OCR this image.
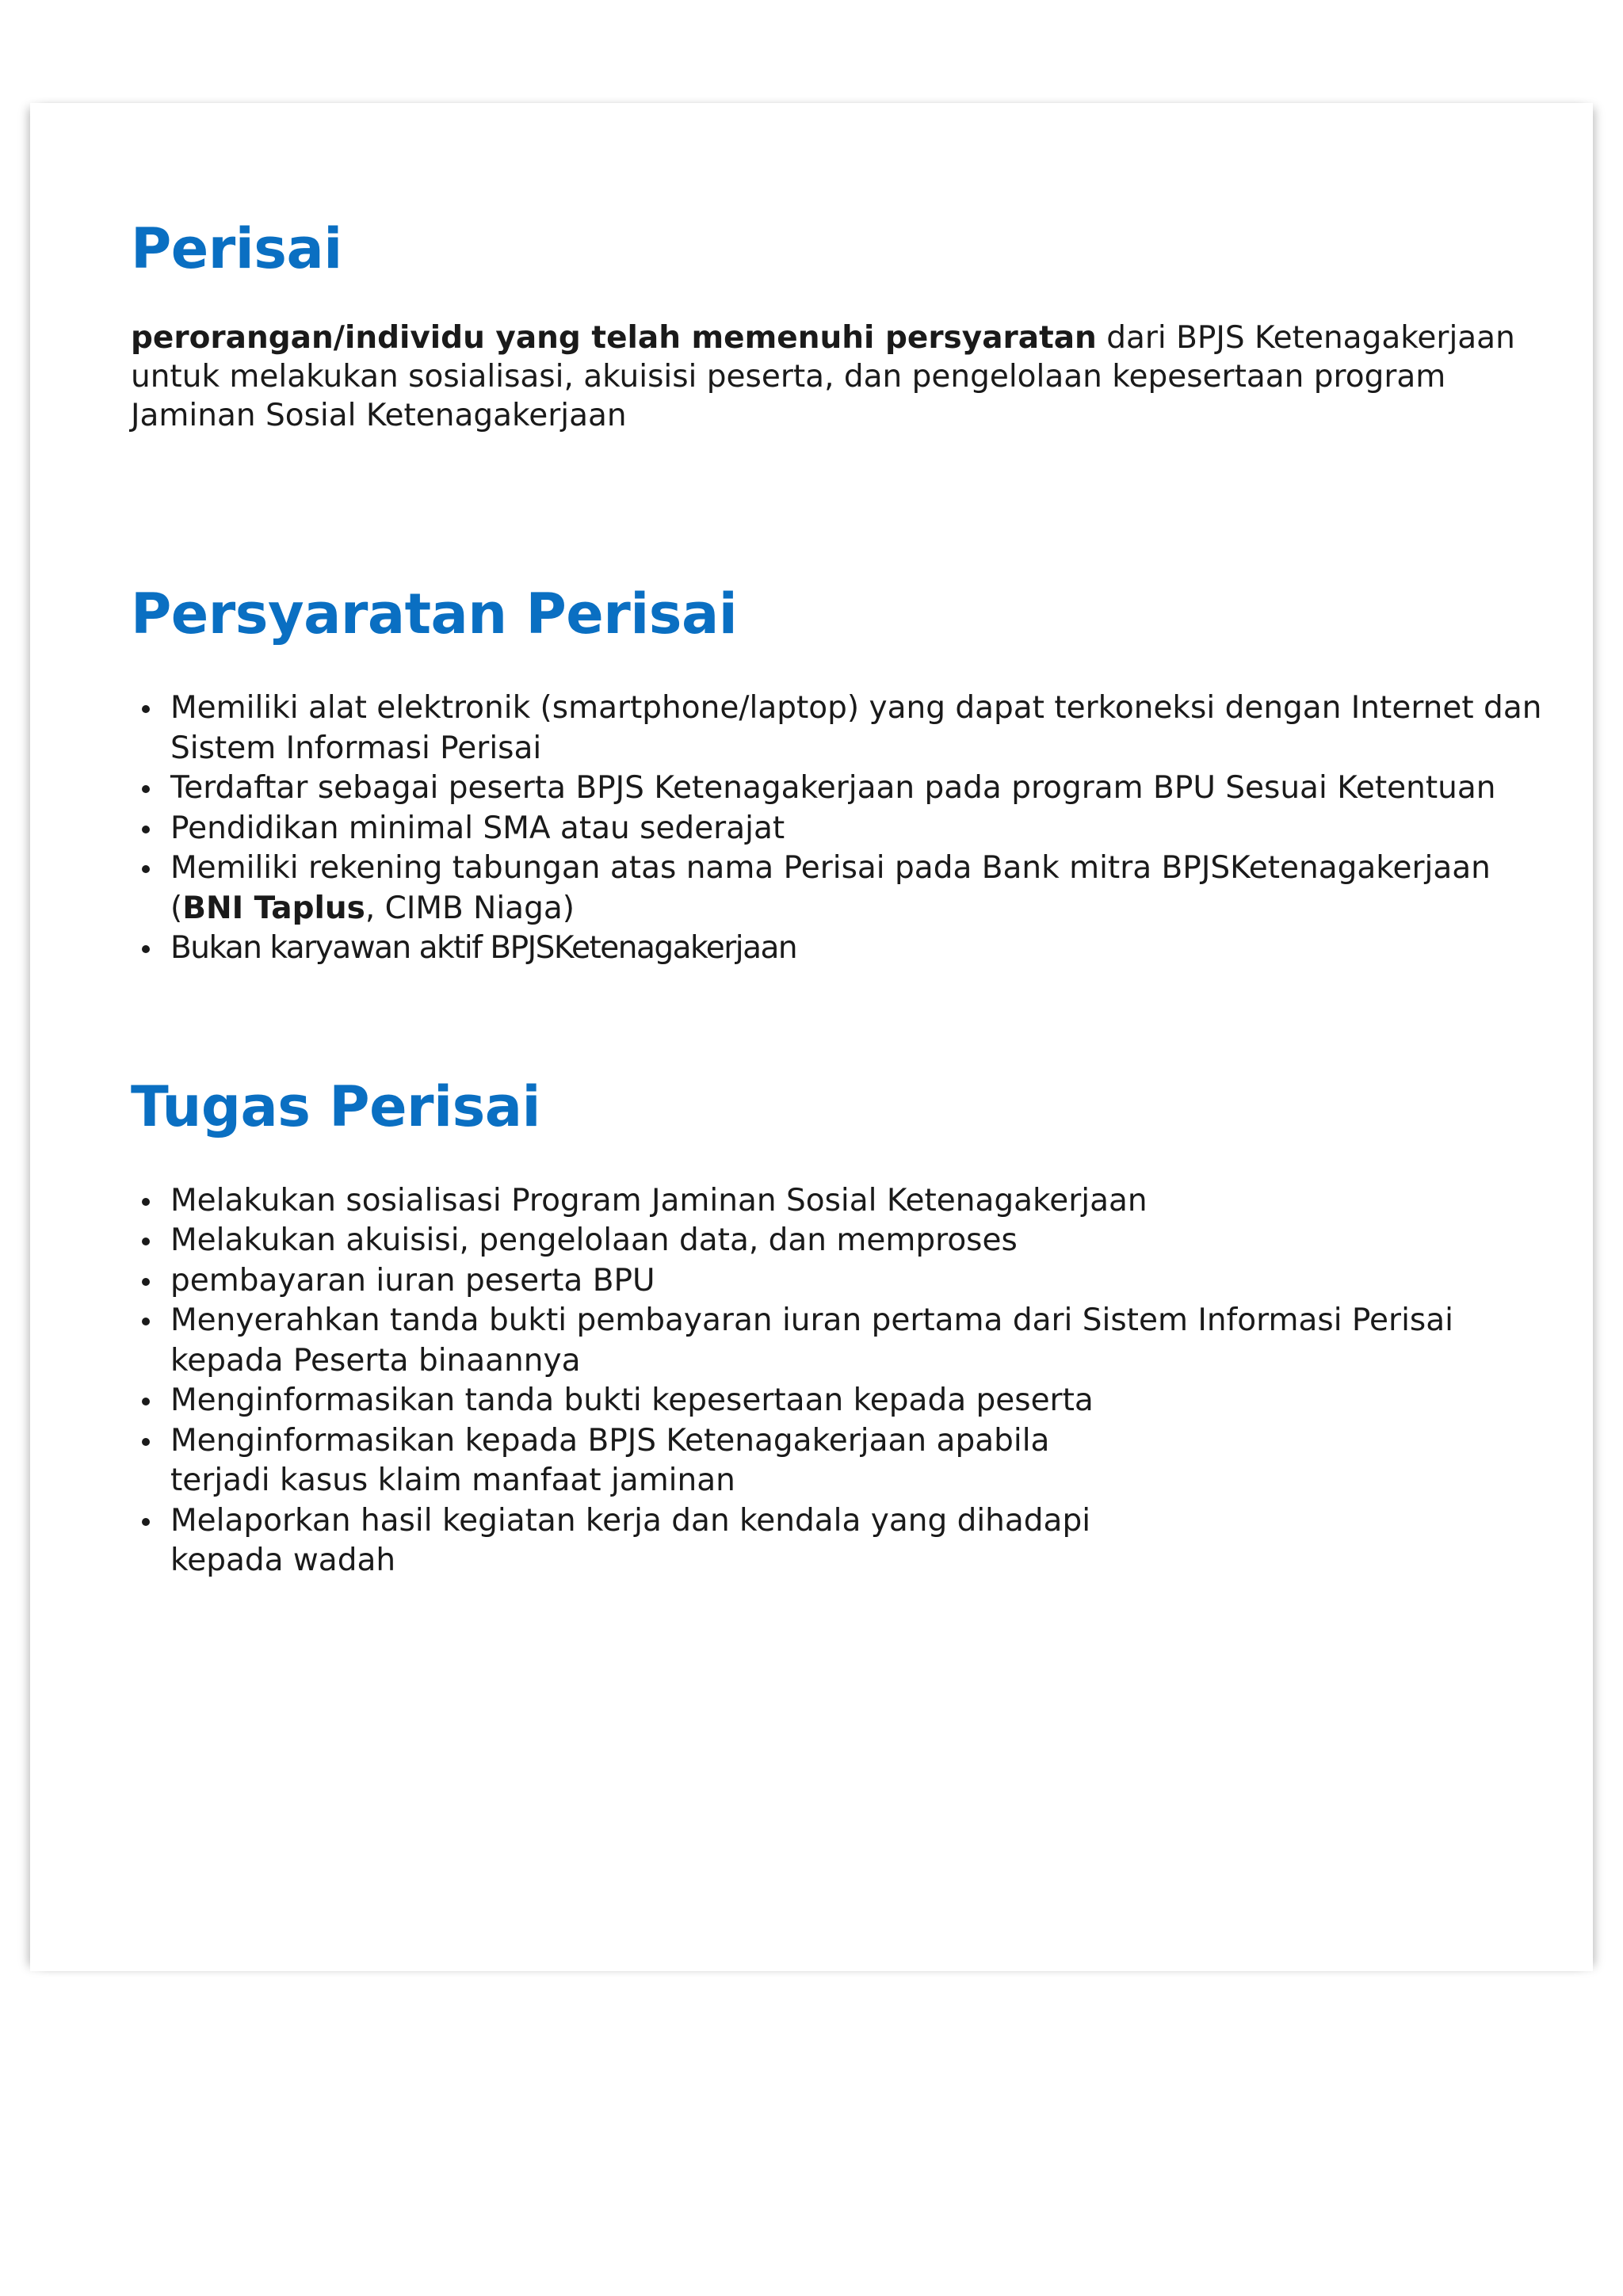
Perisai

perorangan/individu yang telah memenuhi persyaratan dari BPJS Ketenagakerjaan untuk melakukan sosialisasi, akuisisi peserta, dan pengelolaan kepesertaan program Jaminan Sosial Ketenagakerjaan

Persyaratan Perisai
Memiliki alat elektronik (smartphone/laptop) yang dapat terkoneksi dengan Internet dan Sistem Informasi Perisai
Terdaftar sebagai peserta BPJS Ketenagakerjaan pada program BPU Sesuai Ketentuan
Pendidikan minimal SMA atau sederajat
Memiliki rekening tabungan atas nama Perisai pada Bank mitra BPJSKetenagakerjaan (BNI Taplus, CIMB Niaga)
Bukan karyawan aktif BPJSKetenagakerjaan
Tugas Perisai
Melakukan sosialisasi Program Jaminan Sosial Ketenagakerjaan
Melakukan akuisisi, pengelolaan data, dan memproses
pembayaran iuran peserta BPU
Menyerahkan tanda bukti pembayaran iuran pertama dari Sistem Informasi Perisai kepada Peserta binaannya
Menginformasikan tanda bukti kepesertaan kepada peserta
Menginformasikan kepada BPJS Ketenagakerjaan apabila terjadi kasus klaim manfaat jaminan
Melaporkan hasil kegiatan kerja dan kendala yang dihadapi kepada wadah
